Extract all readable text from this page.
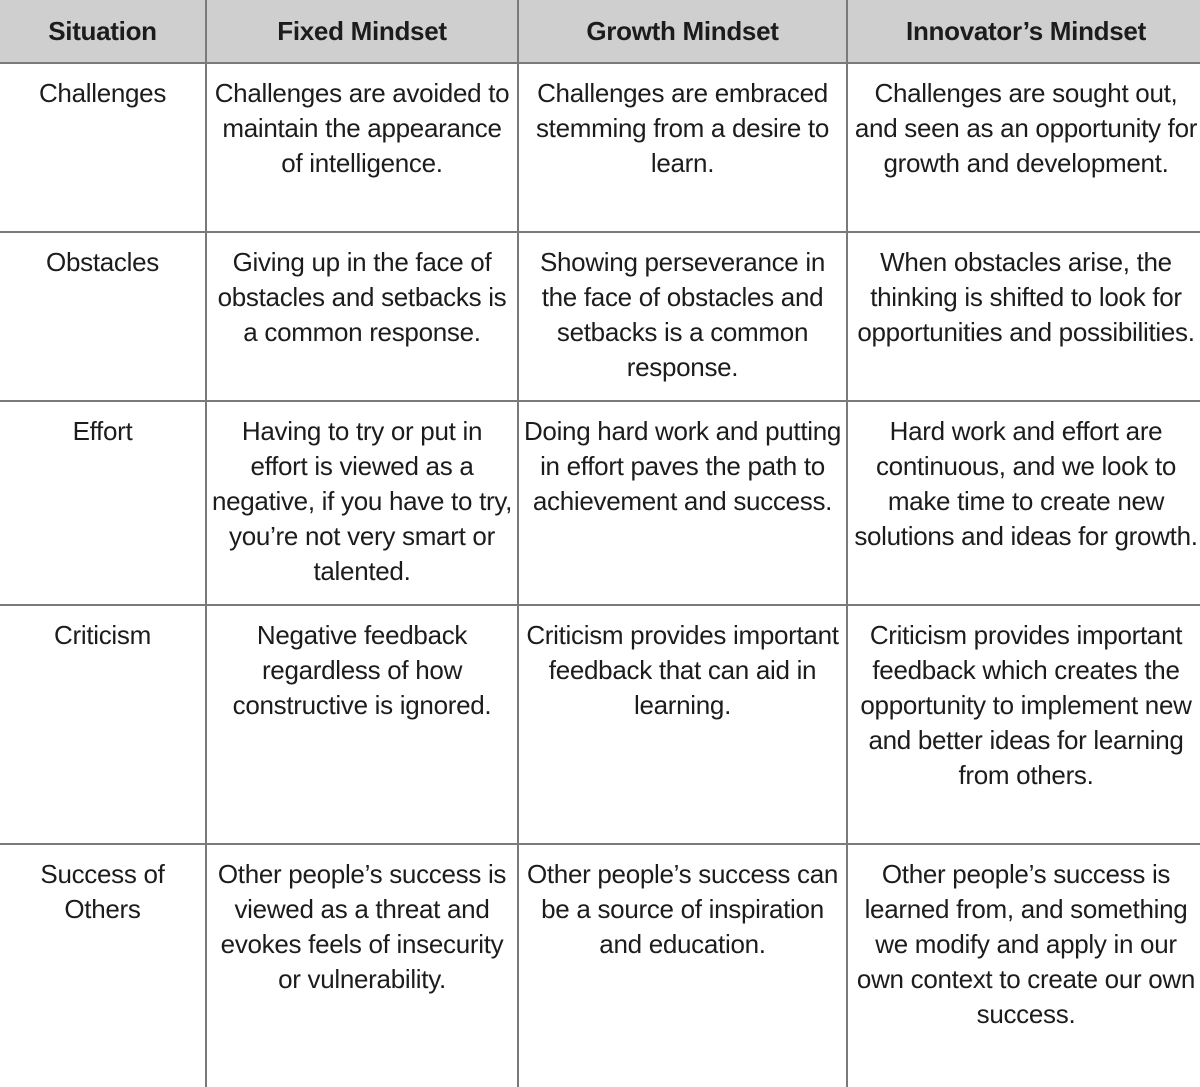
Situation	Fixed Mindset	Growth Mindset	Innovator’s Mindset
Challenges	Challenges are avoided to maintain the appearance of intelligence.	Challenges are embraced stemming from a desire to learn.	Challenges are sought out, and seen as an opportunity for growth and development.
Obstacles	Giving up in the face of obstacles and setbacks is a common response.	Showing perseverance in the face of obstacles and setbacks is a common response.	When obstacles arise, the thinking is shifted to look for opportunities and possibilities.
Effort	Having to try or put in effort is viewed as a negative, if you have to try, you’re not very smart or talented.	Doing hard work and putting in effort paves the path to achievement and success.	Hard work and effort are continuous, and we look to make time to create new solutions and ideas for growth.
Criticism	Negative feedback regardless of how constructive is ignored.	Criticism provides important feedback that can aid in learning.	Criticism provides important feedback which creates the opportunity to implement new and better ideas for learning from others.
Success of Others	Other people’s success is viewed as a threat and evokes feels of insecurity or vulnerability.	Other people’s success can be a source of inspiration and education.	Other people’s success is learned from, and something we modify and apply in our own context to create our own success.
